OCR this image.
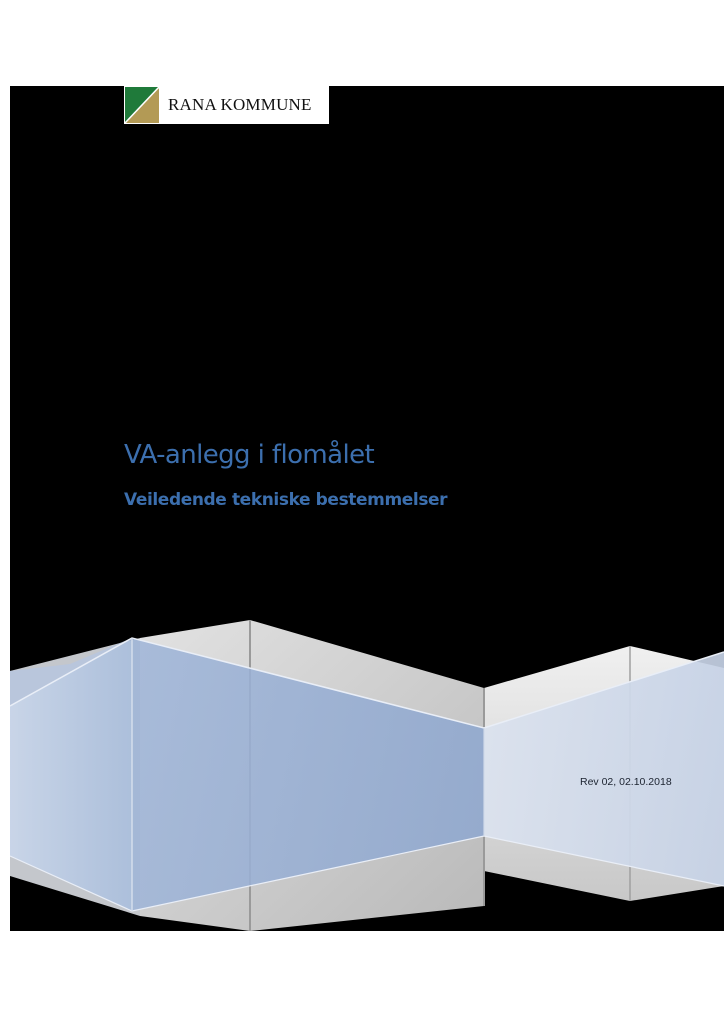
RANA KOMMUNE
VA-anlegg i flomålet
Veiledende tekniske bestemmelser
Rev 02, 02.10.2018
